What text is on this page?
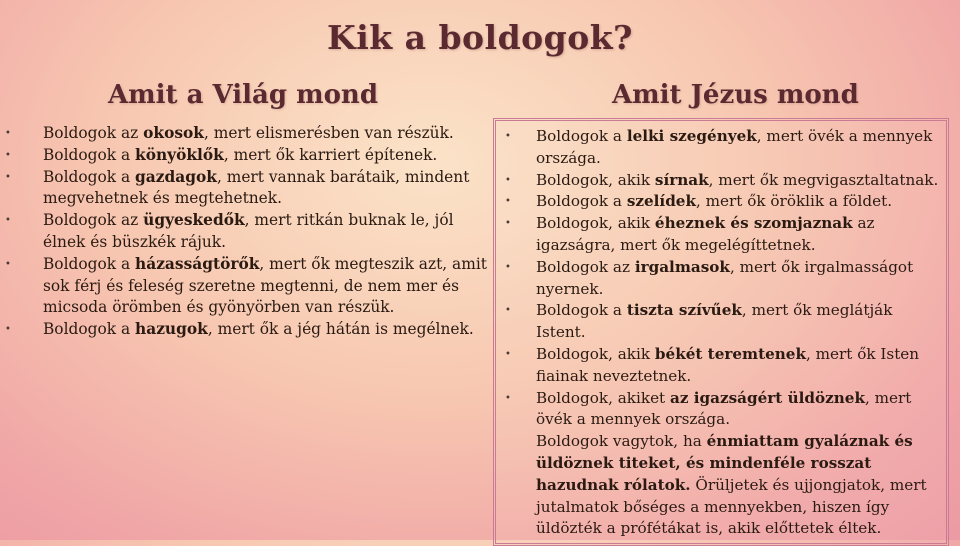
Kik a boldogok?
Amit a Világ mond	Amit Jézus mond
• Boldogok az okosok, mert elismerésben van részük.
• Boldogok a könyöklők, mert ők karriert építenek.
• Boldogok a gazdagok, mert vannak barátaik, mindent megvehetnek és megtehetnek.
• Boldogok az ügyeskedők, mert ritkán buknak le, jól élnek és büszkék rájuk.
• Boldogok a házasságtörők, mert ők megteszik azt, amit sok férj és feleség szeretne megtenni, de nem mer és micsoda örömben és gyönyörben van részük.
• Boldogok a hazugok, mert ők a jég hátán is megélnek.
• Boldogok a lelki szegények, mert övék a mennyek országa.
• Boldogok, akik sírnak, mert ők megvigasztaltatnak.
• Boldogok a szelídek, mert ők öröklik a földet.
• Boldogok, akik éheznek és szomjaznak az igazságra, mert ők megelégíttetnek.
• Boldogok az irgalmasok, mert ők irgalmasságot nyernek.
• Boldogok a tiszta szívűek, mert ők meglátják Istent.
• Boldogok, akik békét teremtenek, mert ők Isten fiainak neveztetnek.
• Boldogok, akiket az igazságért üldöznek, mert övék a mennyek országa.
Boldogok vagytok, ha énmiattam gyaláznak és üldöznek titeket, és mindenféle rosszat hazudnak rólatok. Örüljetek és ujjongjatok, mert jutalmatok bőséges a mennyekben, hiszen így üldözték a prófétákat is, akik előttetek éltek.
